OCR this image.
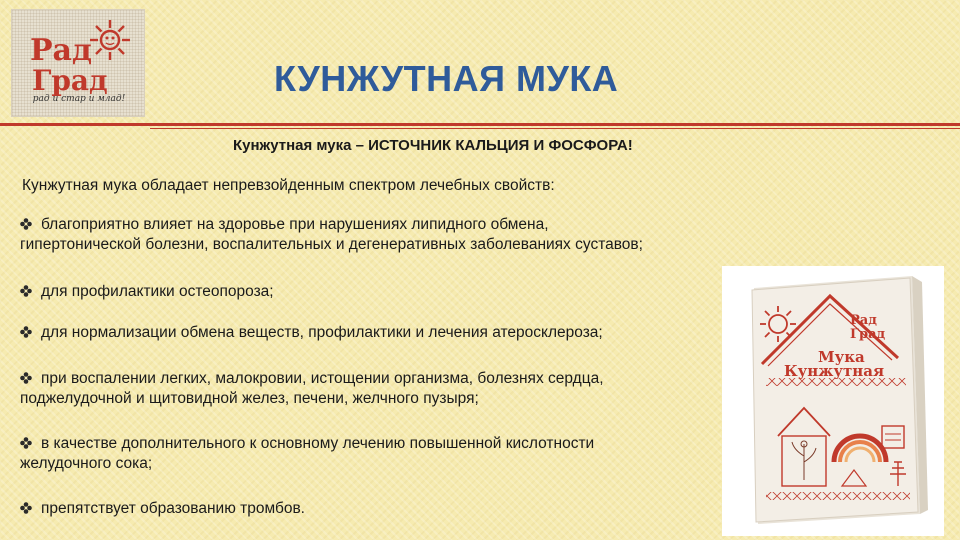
Рад
Град
рад и стар и млад!	КУНЖУТНАЯ МУКА

Кунжутная мука – ИСТОЧНИК КАЛЬЦИЯ И ФОСФОРА!

Кунжутная мука обладает непревзойденным спектром лечебных свойств:

благоприятно влияет на здоровье при нарушениях липидного обмена,
гипертонической болезни, воспалительных и дегенеративных заболеваниях суставов;
для профилактики остеопороза;
для нормализации обмена веществ, профилактики и лечения атеросклероза;
при воспалении легких, малокровии, истощении организма, болезнях сердца,
поджелудочной и щитовидной желез, печени, желчного пузыря;
в качестве дополнительного к основному лечению повышенной кислотности
желудочного сока;
препятствует образованию тромбов.
Рад
Град
Мука
Кунжутная
